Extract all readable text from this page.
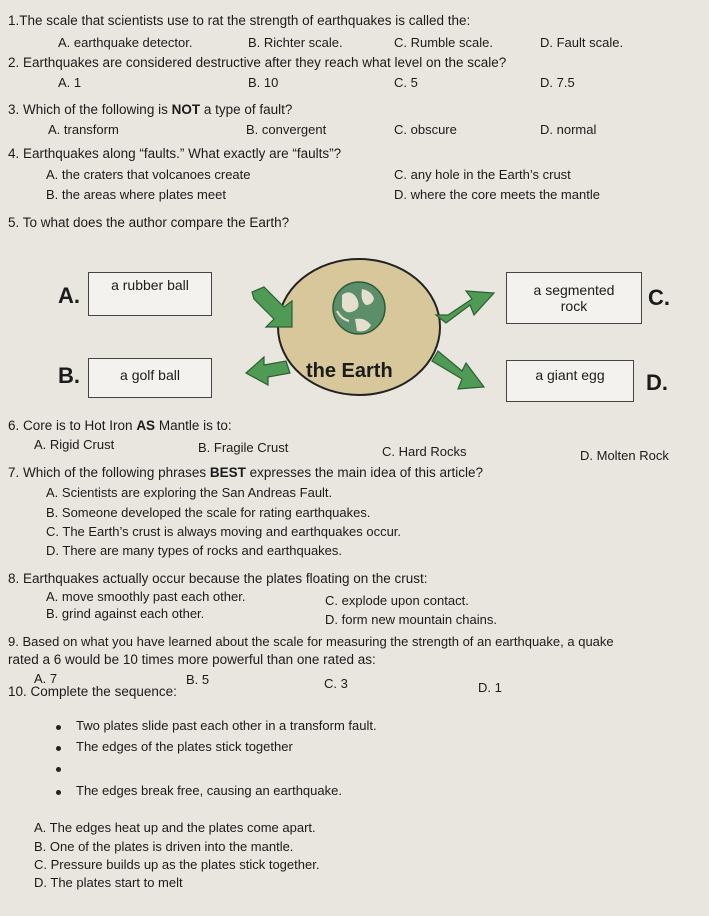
1.The scale that scientists use to rat the strength of earthquakes is called the:
A. earthquake detector.	B. Richter scale.	C. Rumble scale.	D. Fault scale.
2. Earthquakes are considered destructive after they reach what level on the scale?
A. 1	B. 10	C. 5	D. 7.5
3. Which of the following is NOT a type of fault?
A. transform	B. convergent	C. obscure	D. normal
4. Earthquakes along “faults.” What exactly are “faults”?
A. the craters that volcanoes create
B. the areas where plates meet
C. any hole in the Earth’s crust
D. where the core meets the mantle
5. To what does the author compare the Earth?
A.	a rubber ball
B.	a golf ball
a segmented
rock	C.
a giant egg	D.
the Earth
6. Core is to Hot Iron AS Mantle is to:
A. Rigid Crust	B. Fragile Crust	C. Hard Rocks	D. Molten Rock
7. Which of the following phrases BEST expresses the main idea of this article?
A. Scientists are exploring the San Andreas Fault.
B. Someone developed the scale for rating earthquakes.
C. The Earth’s crust is always moving and earthquakes occur.
D. There are many types of rocks and earthquakes.
8. Earthquakes actually occur because the plates floating on the crust:
A. move smoothly past each other.
B. grind against each other.
C. explode upon contact.
D. form new mountain chains.
9. Based on what you have learned about the scale for measuring the strength of an earthquake, a quake
rated a 6 would be 10 times more powerful than one rated as:
A. 7	B. 5	C. 3	D. 1
10. Complete the sequence:
Two plates slide past each other in a transform fault.
The edges of the plates stick together
The edges break free, causing an earthquake.
A. The edges heat up and the plates come apart.
B. One of the plates is driven into the mantle.
C. Pressure builds up as the plates stick together.
D. The plates start to melt
